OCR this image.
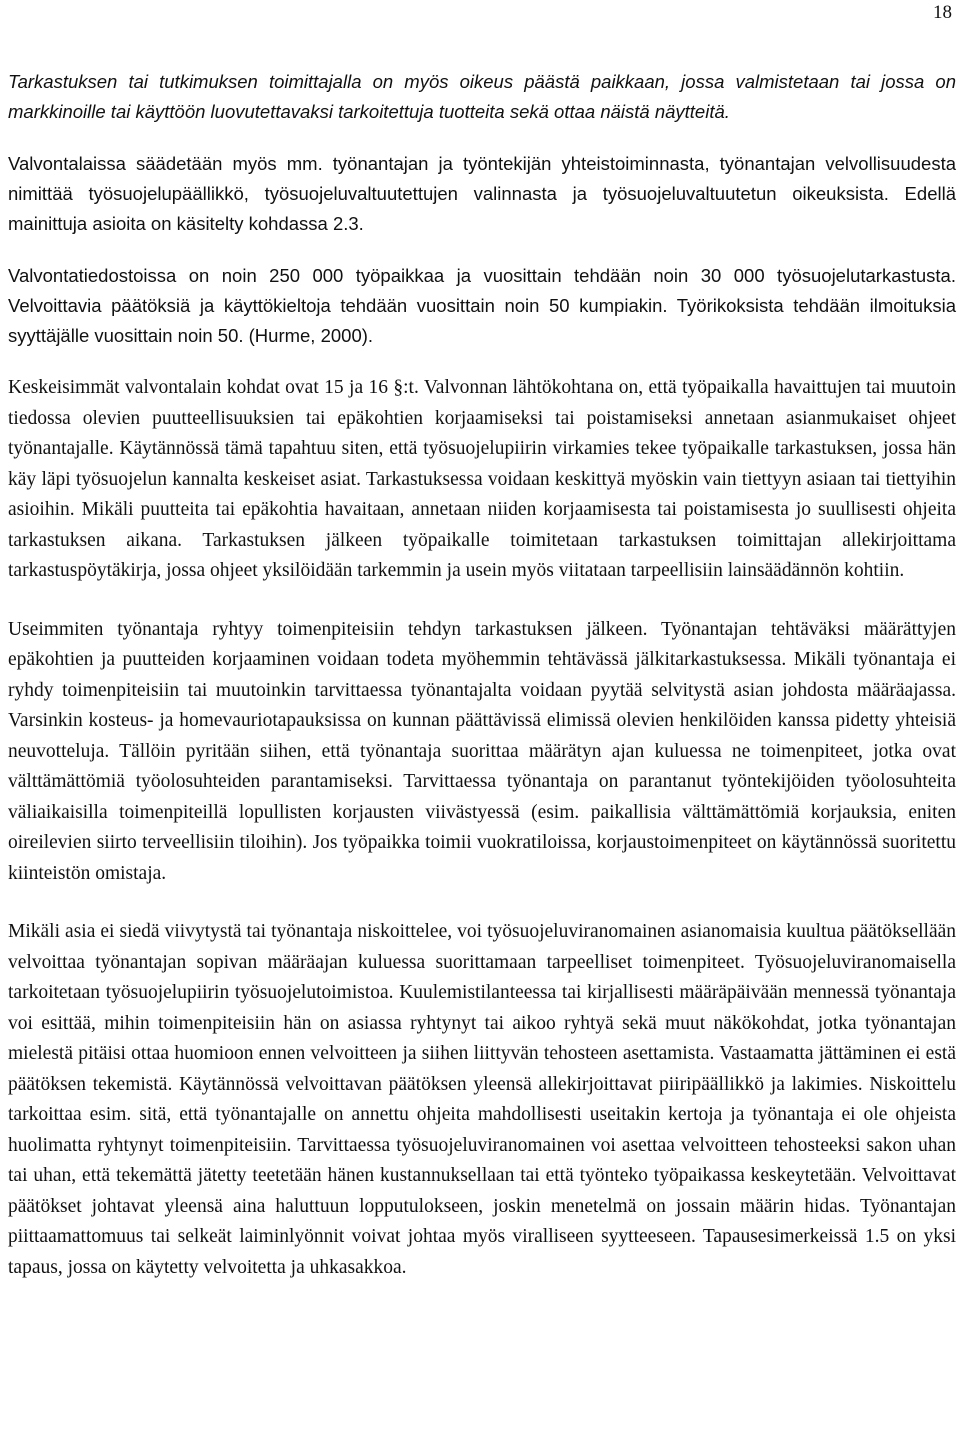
18

Tarkastuksen tai tutkimuksen toimittajalla on myös oikeus päästä paikkaan, jossa valmistetaan tai jossa on markkinoille tai käyttöön luovutettavaksi tarkoitettuja tuotteita sekä ottaa näistä näytteitä.

Valvontalaissa säädetään myös mm. työnantajan ja työntekijän yhteistoiminnasta, työnantajan velvollisuudesta nimittää työsuojelupäällikkö, työsuojeluvaltuutettujen valinnasta ja työsuojeluvaltuutetun oikeuksista. Edellä mainittuja asioita on käsitelty kohdassa 2.3.

Valvontatiedostoissa on noin 250 000 työpaikkaa ja vuosittain tehdään noin 30 000 työsuojelutarkastusta. Velvoittavia päätöksiä ja käyttökieltoja tehdään vuosittain noin 50 kumpiakin. Työrikoksista tehdään ilmoituksia syyttäjälle vuosittain noin 50. (Hurme, 2000).

Keskeisimmät valvontalain kohdat ovat 15 ja 16 §:t. Valvonnan lähtökohtana on, että työpaikalla havaittujen tai muutoin tiedossa olevien puutteellisuuksien tai epäkohtien korjaamiseksi tai poistamiseksi annetaan asianmukaiset ohjeet työnantajalle. Käytännössä tämä tapahtuu siten, että työsuojelupiirin virkamies tekee työpaikalle tarkastuksen, jossa hän käy läpi työsuojelun kannalta keskeiset asiat. Tarkastuksessa voidaan keskittyä myöskin vain tiettyyn asiaan tai tiettyihin asioihin. Mikäli puutteita tai epäkohtia havaitaan, annetaan niiden korjaamisesta tai poistamisesta jo suullisesti ohjeita tarkastuksen aikana. Tarkastuksen jälkeen työpaikalle toimitetaan tarkastuksen toimittajan allekirjoittama tarkastuspöytäkirja, jossa ohjeet yksilöidään tarkemmin ja usein myös viitataan tarpeellisiin lainsäädännön kohtiin.

Useimmiten työnantaja ryhtyy toimenpiteisiin tehdyn tarkastuksen jälkeen. Työnantajan tehtäväksi määrättyjen epäkohtien ja puutteiden korjaaminen voidaan todeta myöhemmin tehtävässä jälkitarkastuksessa. Mikäli työnantaja ei ryhdy toimenpiteisiin tai muutoinkin tarvittaessa työnantajalta voidaan pyytää selvitystä asian johdosta määräajassa. Varsinkin kosteus- ja homevauriotapauksissa on kunnan päättävissä elimissä olevien henkilöiden kanssa pidetty yhteisiä neuvotteluja. Tällöin pyritään siihen, että työnantaja suorittaa määrätyn ajan kuluessa ne toimenpiteet, jotka ovat välttämättömiä työolosuhteiden parantamiseksi. Tarvittaessa työnantaja on parantanut työntekijöiden työolosuhteita väliaikaisilla toimenpiteillä lopullisten korjausten viivästyessä (esim. paikallisia välttämättömiä korjauksia, eniten oireilevien siirto terveellisiin tiloihin). Jos työpaikka toimii vuokratiloissa, korjaustoimenpiteet on käytännössä suoritettu kiinteistön omistaja.

Mikäli asia ei siedä viivytystä tai työnantaja niskoittelee, voi työsuojeluviranomainen asianomaisia kuultua päätöksellään velvoittaa työnantajan sopivan määräajan kuluessa suorittamaan tarpeelliset toimenpiteet. Työsuojeluviranomaisella tarkoitetaan työsuojelupiirin työsuojelutoimistoa. Kuulemistilanteessa tai kirjallisesti määräpäivään mennessä työnantaja voi esittää, mihin toimenpiteisiin hän on asiassa ryhtynyt tai aikoo ryhtyä sekä muut näkökohdat, jotka työnantajan mielestä pitäisi ottaa huomioon ennen velvoitteen ja siihen liittyvän tehosteen asettamista. Vastaamatta jättäminen ei estä päätöksen tekemistä. Käytännössä velvoittavan päätöksen yleensä allekirjoittavat piiripäällikkö ja lakimies. Niskoittelu tarkoittaa esim. sitä, että työnantajalle on annettu ohjeita mahdollisesti useitakin kertoja ja työnantaja ei ole ohjeista huolimatta ryhtynyt toimenpiteisiin. Tarvittaessa työsuojeluviranomainen voi asettaa velvoitteen tehosteeksi sakon uhan tai uhan, että tekemättä jätetty teetetään hänen kustannuksellaan tai että työnteko työpaikassa keskeytetään. Velvoittavat päätökset johtavat yleensä aina haluttuun lopputulokseen, joskin menetelmä on jossain määrin hidas. Työnantajan piittaamattomuus tai selkeät laiminlyönnit voivat johtaa myös viralliseen syytteeseen. Tapausesimerkeissä 1.5 on yksi tapaus, jossa on käytetty velvoitetta ja uhkasakkoa.
